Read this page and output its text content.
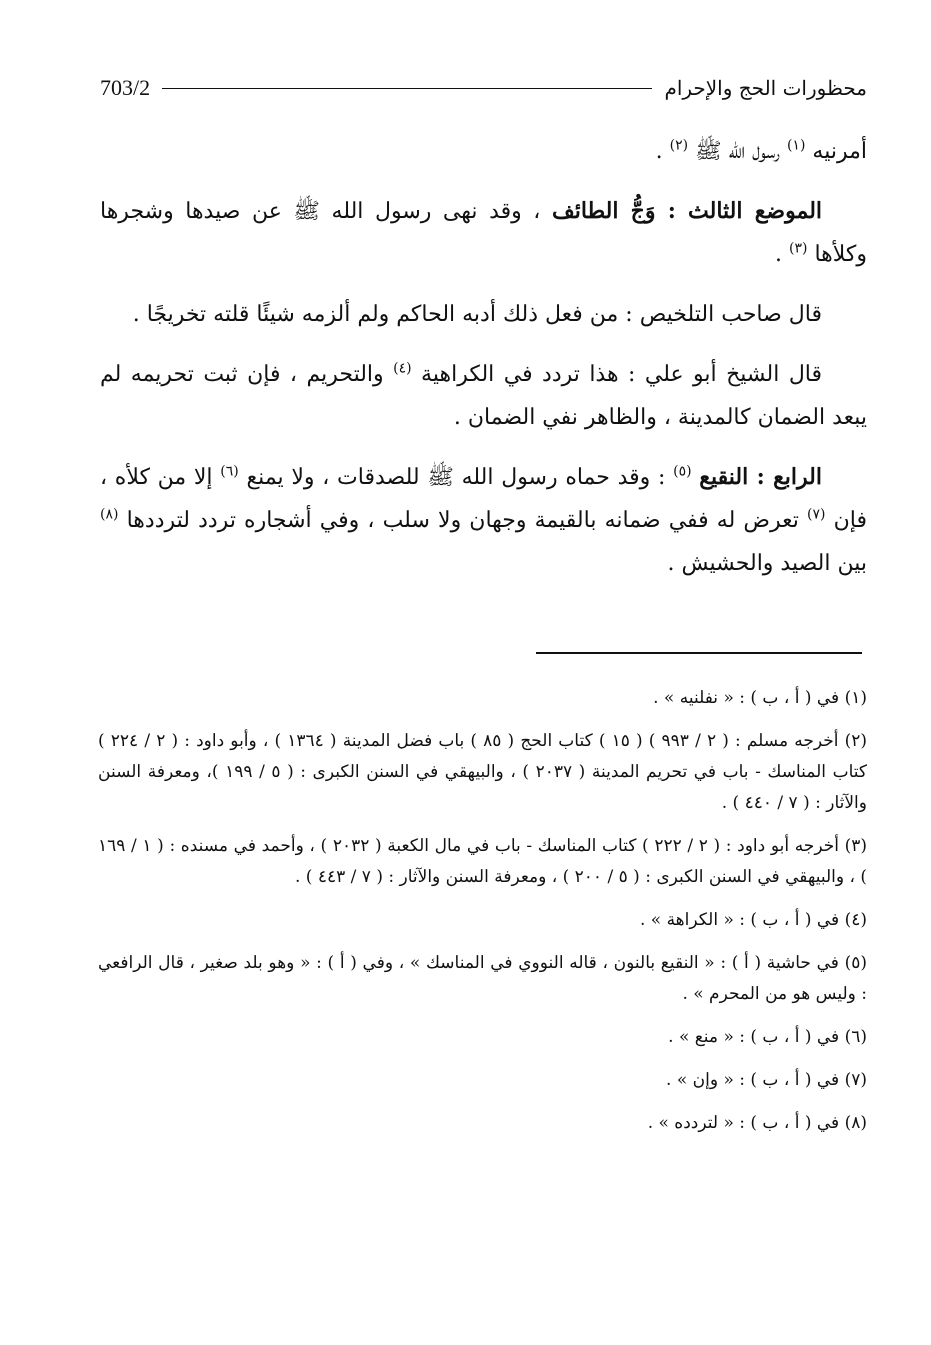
703/2	محظورات الحج والإحرام

أمرنيه $^{(١)}$ رسول الله ﷺ $^{(٢)}$ .

الموضع الثالث : وَجُّ الطائف ، وقد نهى رسول الله ﷺ عن صيدها وشجرها وكلأها $^{(٣)}$ .

قال صاحب التلخيص : من فعل ذلك أدبه الحاكم ولم ألزمه شيئًا قلته تخريجًا .

قال الشيخ أبو علي : هذا تردد في الكراهية $^{(٤)}$ والتحريم ، فإن ثبت تحريمه لم يبعد الضمان كالمدينة ، والظاهر نفي الضمان .

الرابع : النقيع $^{(٥)}$ : وقد حماه رسول الله ﷺ للصدقات ، ولا يمنع $^{(٦)}$ إلا من كلأه ، فإن $^{(٧)}$ تعرض له ففي ضمانه بالقيمة وجهان ولا سلب ، وفي أشجاره تردد لترددها $^{(٨)}$ بين الصيد والحشيش .

(١) في ( أ ، ب ) : « نفلنيه » .

(٢) أخرجه مسلم : ( ٢ / ٩٩٣ ) ( ١٥ ) كتاب الحج ( ٨٥ ) باب فضل المدينة ( ١٣٦٤ ) ، وأبو داود : ( ٢ / ٢٢٤ ) كتاب المناسك - باب في تحريم المدينة ( ٢٠٣٧ ) ، والبيهقي في السنن الكبرى : ( ٥ / ١٩٩ )، ومعرفة السنن والآثار : ( ٧ / ٤٤٠ ) .

(٣) أخرجه أبو داود : ( ٢ / ٢٢٢ ) كتاب المناسك - باب في مال الكعبة ( ٢٠٣٢ ) ، وأحمد في مسنده : ( ١ / ١٦٩ ) ، والبيهقي في السنن الكبرى : ( ٥ / ٢٠٠ ) ، ومعرفة السنن والآثار : ( ٧ / ٤٤٣ ) .

(٤) في ( أ ، ب ) : « الكراهة » .

(٥) في حاشية ( أ ) : « النقيع بالنون ، قاله النووي في المناسك » ، وفي ( أ ) : « وهو بلد صغير ، قال الرافعي : وليس هو من المحرم » .

(٦) في ( أ ، ب ) : « منع » .

(٧) في ( أ ، ب ) : « وإن » .

(٨) في ( أ ، ب ) : « لتردده » .
